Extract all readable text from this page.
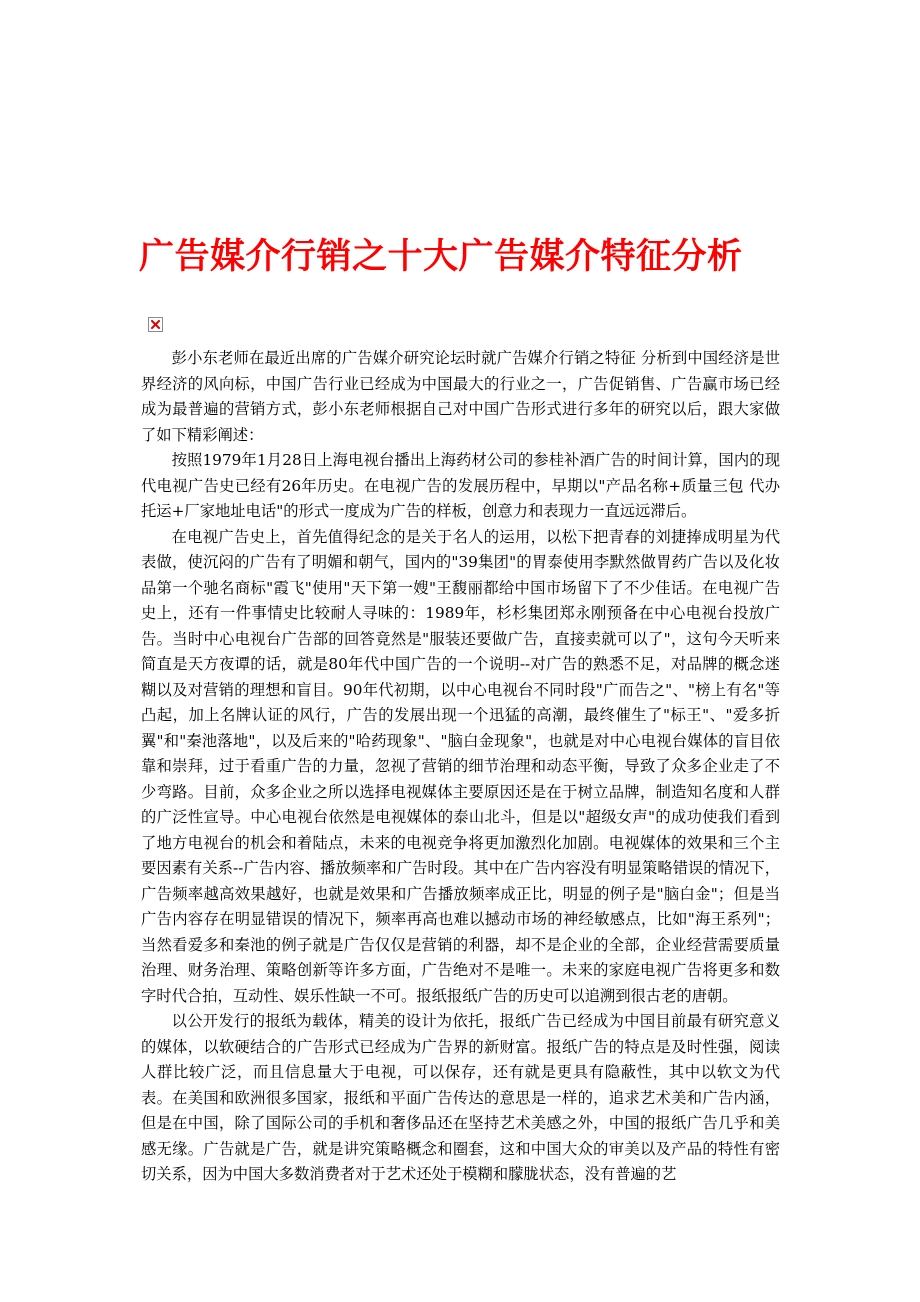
广告媒介行销之十大广告媒介特征分析

彭小东老师在最近出席的广告媒介研究论坛时就广告媒介行销之特征 分析到中国经济是世界经济的风向标，中国广告行业已经成为中国最大的行业之一，广告促销售、广告赢市场已经成为最普遍的营销方式，彭小东老师根据自己对中国广告形式进行多年的研究以后，跟大家做了如下精彩阐述：

按照1979年1月28日上海电视台播出上海药材公司的参桂补酒广告的时间计算，国内的现代电视广告史已经有26年历史。在电视广告的发展历程中，早期以"产品名称+质量三包 代办托运+厂家地址电话"的形式一度成为广告的样板，创意力和表现力一直远远滞后。

在电视广告史上，首先值得纪念的是关于名人的运用，以松下把青春的刘捷捧成明星为代表做，使沉闷的广告有了明媚和朝气，国内的"39集团"的胃泰使用李默然做胃药广告以及化妆品第一个驰名商标"霞飞"使用"天下第一嫂"王馥丽都给中国市场留下了不少佳话。在电视广告史上，还有一件事情史比较耐人寻味的：1989年，杉杉集团郑永刚预备在中心电视台投放广告。当时中心电视台广告部的回答竟然是"服装还要做广告，直接卖就可以了"，这句今天听来简直是天方夜谭的话，就是80年代中国广告的一个说明--对广告的熟悉不足，对品牌的概念迷糊以及对营销的理想和盲目。90年代初期，以中心电视台不同时段"广而告之"、"榜上有名"等凸起，加上名牌认证的风行，广告的发展出现一个迅猛的高潮，最终催生了"标王"、"爱多折翼"和"秦池落地"，以及后来的"哈药现象"、"脑白金现象"，也就是对中心电视台媒体的盲目依靠和崇拜，过于看重广告的力量，忽视了营销的细节治理和动态平衡，导致了众多企业走了不少弯路。目前，众多企业之所以选择电视媒体主要原因还是在于树立品牌，制造知名度和人群的广泛性宣导。中心电视台依然是电视媒体的泰山北斗，但是以"超级女声"的成功使我们看到了地方电视台的机会和着陆点，未来的电视竞争将更加激烈化加剧。电视媒体的效果和三个主要因素有关系--广告内容、播放频率和广告时段。其中在广告内容没有明显策略错误的情况下，广告频率越高效果越好，也就是效果和广告播放频率成正比，明显的例子是"脑白金"；但是当广告内容存在明显错误的情况下，频率再高也难以撼动市场的神经敏感点，比如"海王系列"；当然看爱多和秦池的例子就是广告仅仅是营销的利器，却不是企业的全部，企业经营需要质量治理、财务治理、策略创新等许多方面，广告绝对不是唯一。未来的家庭电视广告将更多和数字时代合拍，互动性、娱乐性缺一不可。报纸报纸广告的历史可以追溯到很古老的唐朝。

以公开发行的报纸为载体，精美的设计为依托，报纸广告已经成为中国目前最有研究意义的媒体，以软硬结合的广告形式已经成为广告界的新财富。报纸广告的特点是及时性强，阅读人群比较广泛，而且信息量大于电视，可以保存，还有就是更具有隐蔽性，其中以软文为代表。在美国和欧洲很多国家，报纸和平面广告传达的意思是一样的，追求艺术美和广告内涵，但是在中国，除了国际公司的手机和奢侈品还在坚持艺术美感之外，中国的报纸广告几乎和美感无缘。广告就是广告，就是讲究策略概念和圈套，这和中国大众的审美以及产品的特性有密切关系，因为中国大多数消费者对于艺术还处于模糊和朦胧状态，没有普遍的艺
